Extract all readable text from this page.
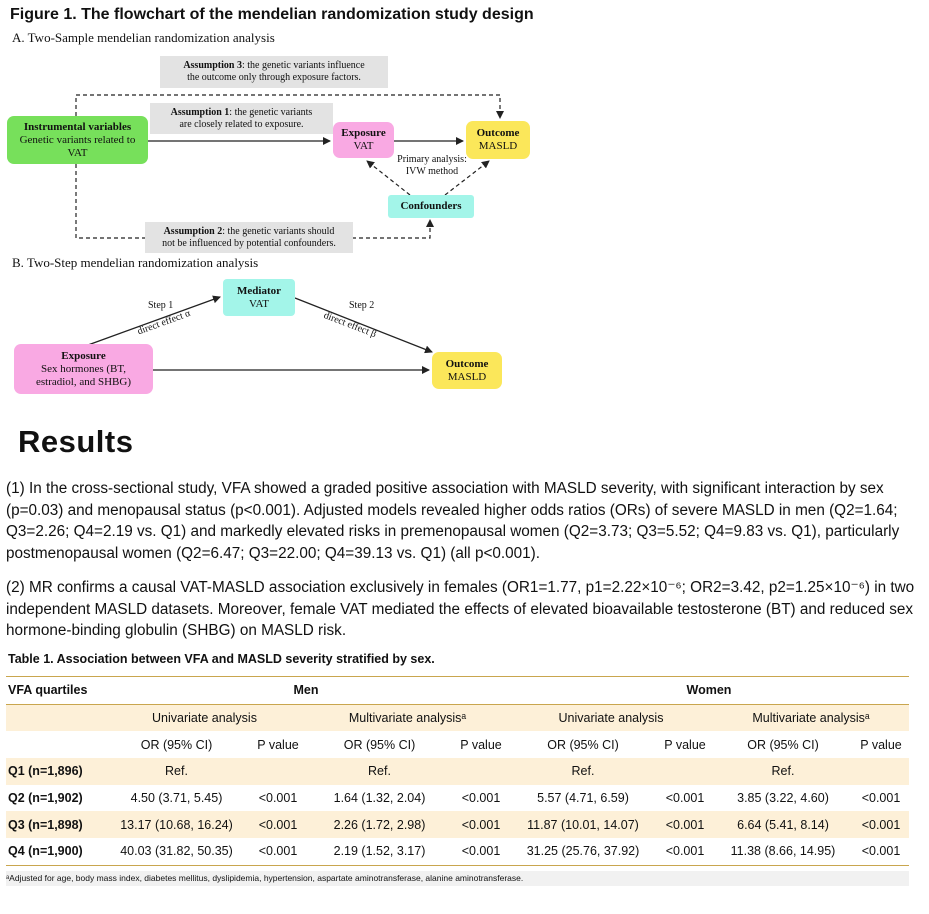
Figure 1. The flowchart of the mendelian randomization study design
A. Two-Sample mendelian randomization analysis
Instrumental variables
Genetic variants related to
VAT
Assumption 3: the genetic variants influence
the outcome only through exposure factors.
Assumption 1: the genetic variants
are closely related to exposure.
Exposure
VAT
Outcome
MASLD
Primary analysis:
IVW method
Confounders
Assumption 2: the genetic variants should
not be influenced by potential confounders.
B. Two-Step mendelian randomization analysis
Mediator
VAT
Step 1
direct effect α
Step 2
direct effect β
Exposure
Sex hormones (BT,
estradiol, and SHBG)
Outcome
MASLD
Results
(1) In the cross-sectional study, VFA showed a graded positive association with MASLD severity, with significant interaction by sex (p=0.03) and menopausal status (p<0.001). Adjusted models revealed higher odds ratios (ORs) of severe MASLD in men (Q2=1.64; Q3=2.26; Q4=2.19 vs. Q1) and markedly elevated risks in premenopausal women (Q2=3.73; Q3=5.52; Q4=9.83 vs. Q1), particularly postmenopausal women (Q2=6.47; Q3=22.00; Q4=39.13 vs. Q1) (all p<0.001).
(2) MR confirms a causal VAT-MASLD association exclusively in females (OR1=1.77, p1=2.22×10⁻⁶; OR2=3.42, p2=1.25×10⁻⁶) in two independent MASLD datasets. Moreover, female VAT mediated the effects of elevated bioavailable testosterone (BT) and reduced sex hormone-binding globulin (SHBG) on MASLD risk.
Table 1. Association between VFA and MASLD severity stratified by sex.
VFA quartiles	Men				Women			
	Univariate analysis		Multivariate analysisᵃ		Univariate analysis		Multivariate analysisᵃ	
	OR (95% CI)	P value	OR (95% CI)	P value	OR (95% CI)	P value	OR (95% CI)	P value
Q1 (n=1,896)	Ref.		Ref.		Ref.		Ref.	
Q2 (n=1,902)	4.50 (3.71, 5.45)	<0.001	1.64 (1.32, 2.04)	<0.001	5.57 (4.71, 6.59)	<0.001	3.85 (3.22, 4.60)	<0.001
Q3 (n=1,898)	13.17 (10.68, 16.24)	<0.001	2.26 (1.72, 2.98)	<0.001	11.87 (10.01, 14.07)	<0.001	6.64 (5.41, 8.14)	<0.001
Q4 (n=1,900)	40.03 (31.82, 50.35)	<0.001	2.19 (1.52, 3.17)	<0.001	31.25 (25.76, 37.92)	<0.001	11.38 (8.66, 14.95)	<0.001
ᵃAdjusted for age, body mass index, diabetes mellitus, dyslipidemia, hypertension, aspartate aminotransferase, alanine aminotransferase.
